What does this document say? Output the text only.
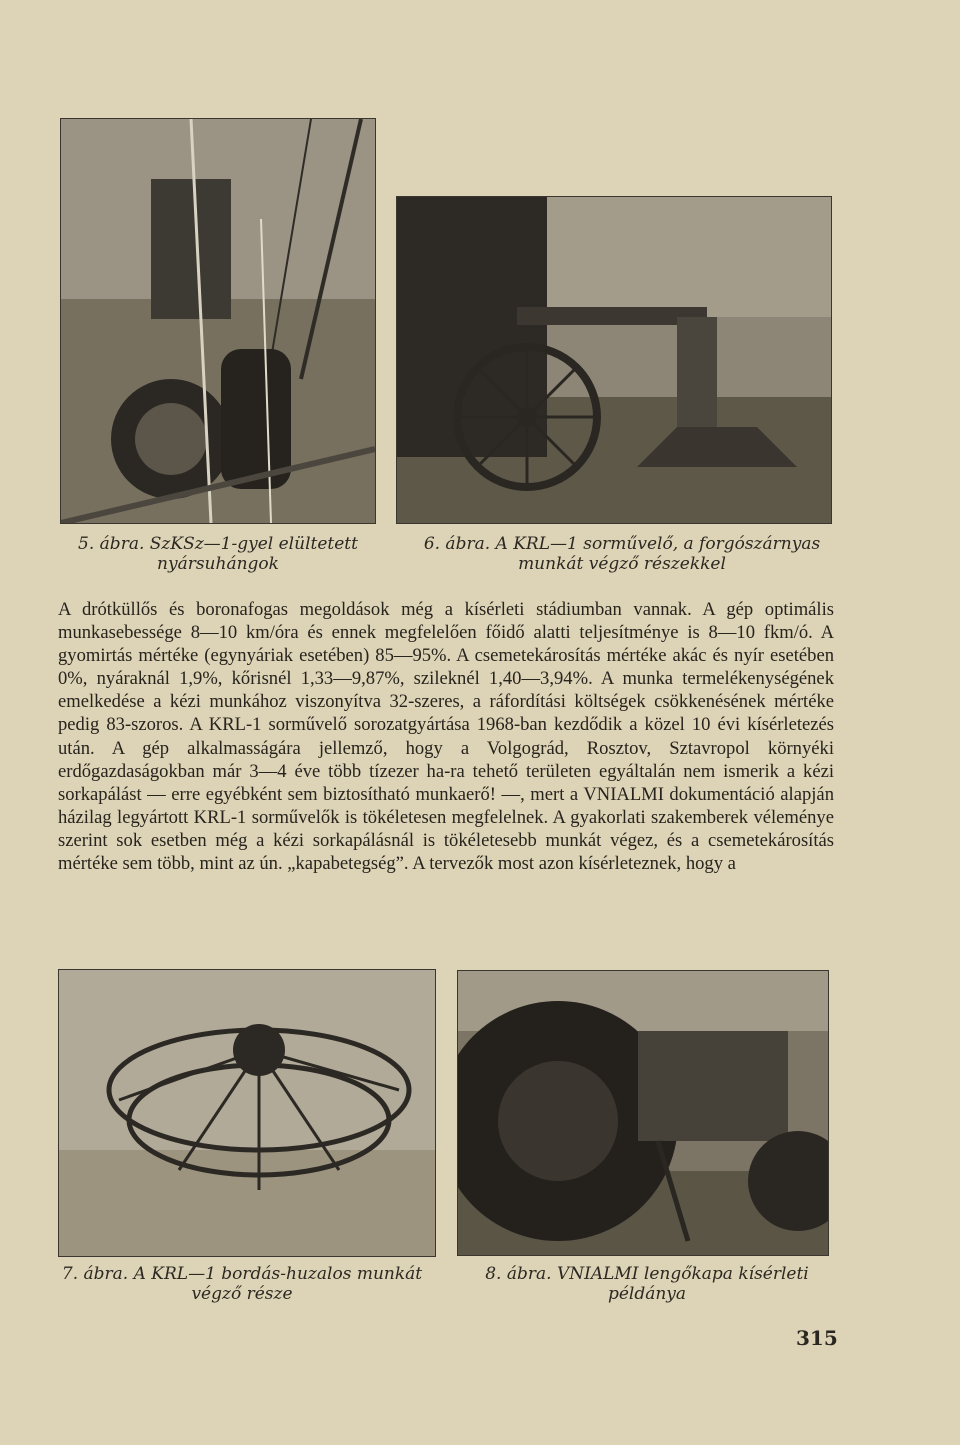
5. ábra. SzKSz—1-gyel elültetett nyársuhángok
6. ábra. A KRL—1 sorművelő, a forgószárnyas munkát végző részekkel

A drótküllős és boronafogas megoldások még a kísérleti stádiumban vannak. A gép optimális munkasebessége 8—10 km/óra és ennek megfelelően főidő alatti teljesítménye is 8—10 fkm/ó. A gyomirtás mértéke (egynyáriak esetében) 85—95%. A csemetekárosítás mértéke akác és nyír esetében 0%, nyáraknál 1,9%, kőrisnél 1,33—9,87%, szileknél 1,40—3,94%. A munka termelékenységének emelkedése a kézi munkához viszonyítva 32-szeres, a ráfordítási költségek csökkenésének mértéke pedig 83-szoros. A KRL-1 sorművelő sorozatgyártása 1968-ban kezdődik a közel 10 évi kísérletezés után. A gép alkalmasságára jellemző, hogy a Volgográd, Rosztov, Sztavropol környéki erdőgazdaságokban már 3—4 éve több tízezer ha-ra tehető területen egyáltalán nem ismerik a kézi sorkapálást — erre egyébként sem biztosítható munkaerő! —, mert a VNIALMI dokumentáció alapján házilag legyártott KRL-1 sorművelők is tökéletesen megfelelnek. A gyakorlati szakemberek véleménye szerint sok esetben még a kézi sorkapálásnál is tökéletesebb munkát végez, és a csemetekárosítás mértéke sem több, mint az ún. „kapabetegség”. A tervezők most azon kísérleteznek, hogy a

7. ábra. A KRL—1 bordás-huzalos munkát végző része
8. ábra. VNIALMI lengőkapa kísérleti példánya
315
